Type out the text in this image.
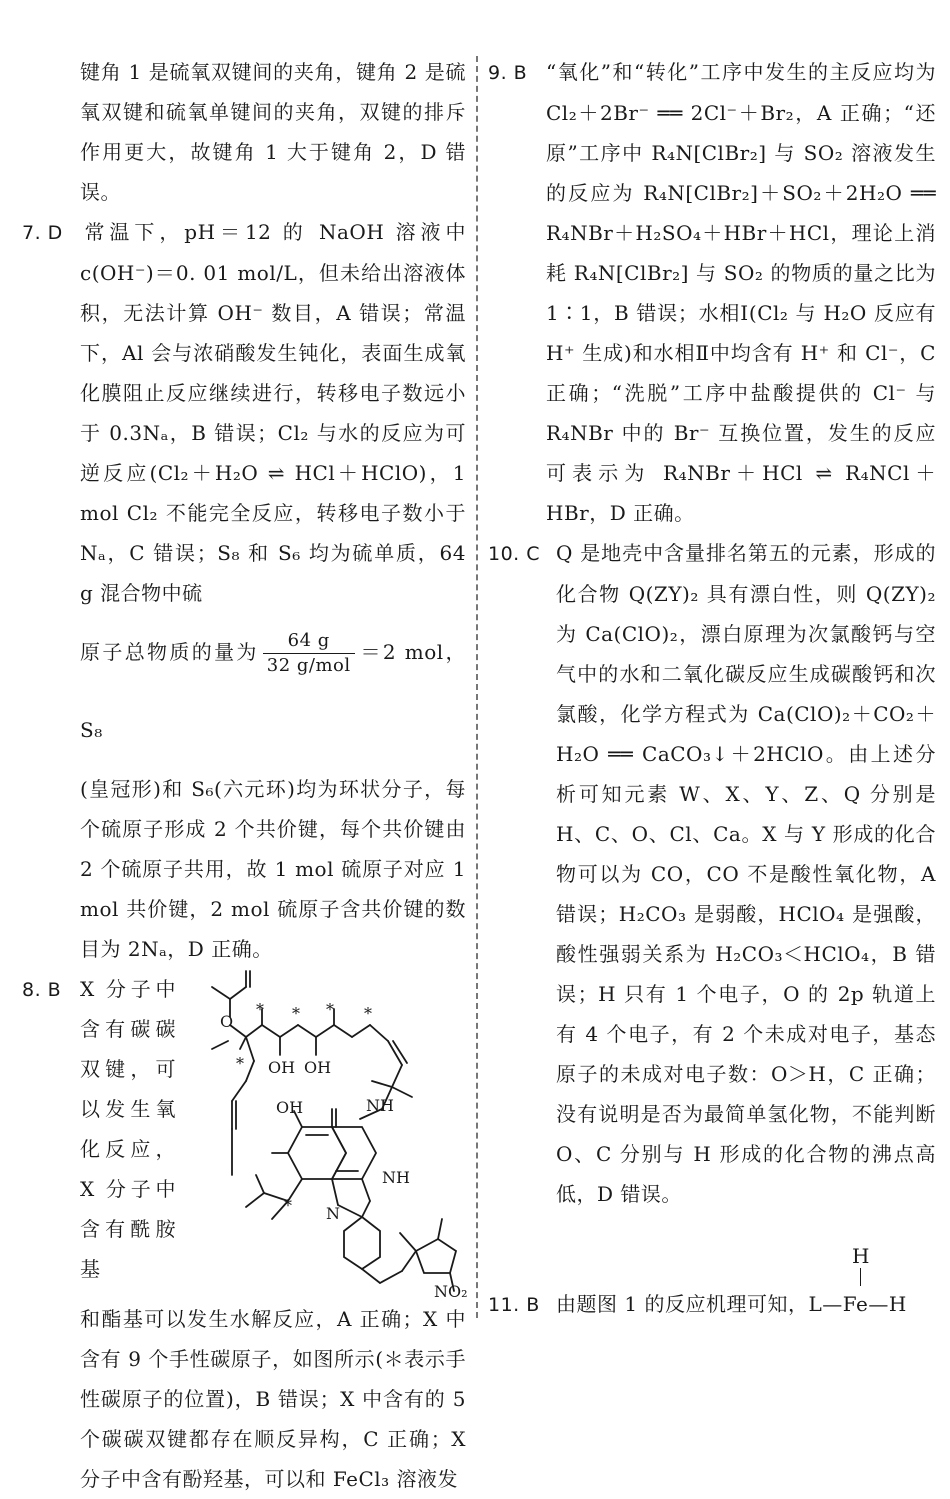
键角 1 是硫氧双键间的夹角，键角 2 是硫氧双键和硫氧单键间的夹角，双键的排斥作用更大，故键角 1 大于键角 2，D 错误。

7. D 常温下，pH＝12 的 NaOH 溶液中 c(OH⁻)＝0. 01 mol/L，但未给出溶液体积，无法计算 OH⁻ 数目，A 错误；常温下，Al 会与浓硝酸发生钝化，表面生成氧化膜阻止反应继续进行，转移电子数远小于 0.3Nₐ，B 错误；Cl₂ 与水的反应为可逆反应(Cl₂＋H₂O ⇌ HCl＋HClO)，1 mol Cl₂ 不能完全反应，转移电子数小于 Nₐ，C 错误；S₈ 和 S₆ 均为硫单质，64 g 混合物中硫

原子总物质的量为 $\frac{64 g}{\text{32 g/mol}} =2$ mol，S₈

(皇冠形)和 S₆(六元环)均为环状分子，每个硫原子形成 2 个共价键，每个共价键由 2 个硫原子共用，故 1 mol 硫原子对应 1 mol 共价键，2 mol 硫原子含共价键的数目为 2Nₐ，D 正确。

8. B X 分子中含有碳碳双键，可以发生氧化反应，X 分子中含有酰胺基

O
OH OH
OH	NH
NH
N
NO₂
* * * *
*
*

和酯基可以发生水解反应，A 正确；X 中含有 9 个手性碳原子，如图所示(＊表示手性碳原子的位置)，B 错误；X 中含有的 5 个碳碳双键都存在顺反异构，C 正确；X 分子中含有酚羟基，可以和 FeCl₃ 溶液发

9. B “氧化”和“转化”工序中发生的主反应均为 Cl₂＋2Br⁻ ══ 2Cl⁻＋Br₂，A 正确；“还原”工序中 R₄N[ClBr₂] 与 SO₂ 溶液发生的反应为 R₄N[ClBr₂]＋SO₂＋2H₂O ══ R₄NBr＋H₂SO₄＋HBr＋HCl，理论上消耗 R₄N[ClBr₂] 与 SO₂ 的物质的量之比为 1∶1，B 错误；水相Ⅰ(Cl₂ 与 H₂O 反应有 H⁺ 生成)和水相Ⅱ中均含有 H⁺ 和 Cl⁻，C 正确；“洗脱”工序中盐酸提供的 Cl⁻ 与 R₄NBr 中的 Br⁻ 互换位置，发生的反应可表示为 R₄NBr＋HCl ⇌ R₄NCl＋HBr，D 正确。

10. C Q 是地壳中含量排名第五的元素，形成的化合物 Q(ZY)₂ 具有漂白性，则 Q(ZY)₂ 为 Ca(ClO)₂，漂白原理为次氯酸钙与空气中的水和二氧化碳反应生成碳酸钙和次氯酸，化学方程式为 Ca(ClO)₂＋CO₂＋H₂O ══ CaCO₃↓＋2HClO。由上述分析可知元素 W、X、Y、Z、Q 分别是 H、C、O、Cl、Ca。X 与 Y 形成的化合物可以为 CO，CO 不是酸性氧化物，A 错误；H₂CO₃ 是弱酸，HClO₄ 是强酸，酸性强弱关系为 H₂CO₃＜HClO₄，B 错误；H 只有 1 个电子，O 的 2p 轨道上有 4 个电子，有 2 个未成对电子，基态原子的未成对电子数：O＞H，C 正确；没有说明是否为最简单氢化物，不能判断 O、C 分别与 H 形成的化合物的沸点高低，D 错误。

11. B 由题图 1 的反应机理可知，L—Fe—H

H
